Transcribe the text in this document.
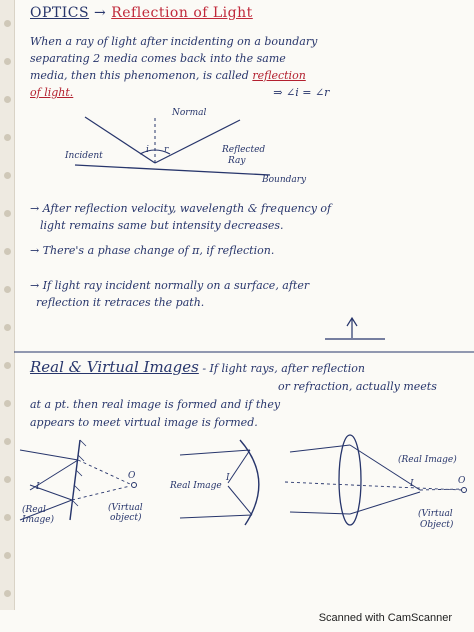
OPTICS → Reflection of Light
When a ray of light after incidenting on a boundary
separating 2 media comes back into the same
media, then this phenomenon, is called reflection
of light.	⇒ ∠i = ∠r
Normal
Incident
i r	Reflected
Ray
Boundary
→ After reflection velocity, wavelength & frequency of
light remains same but intensity decreases.
→ There's a phase change of π, if reflection.
→ If light ray incident normally on a surface, after
reflection it retraces the path.
Real & Virtual Images - If light rays, after reflection
or refraction, actually meets
at a pt. then real image is formed and if they
appears to meet virtual image is formed.
I
O
(Real
Image)
(Virtual
object)
Real Image
I
I	O
(Real Image)
(Virtual
Object)
Scanned with CamScanner
